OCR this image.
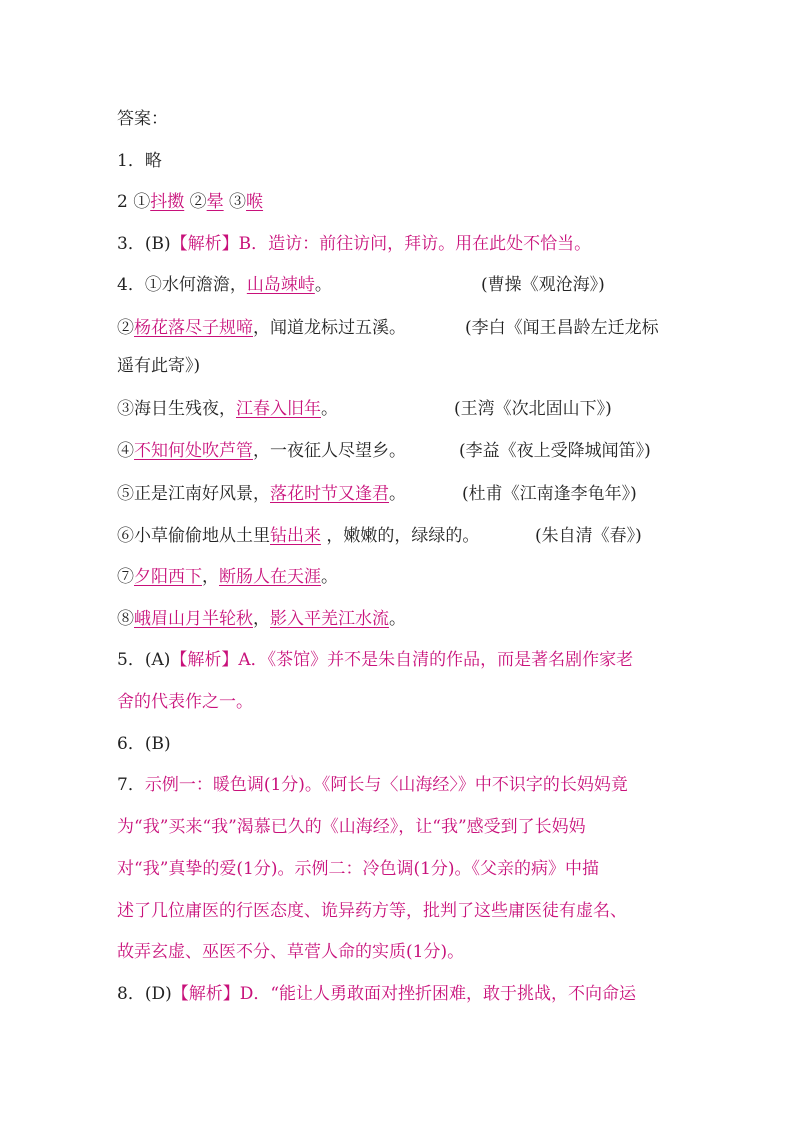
答案：
1．略
2 ①抖擞 ②晕 ③喉
3．(B)【解析】B．造访：前往访问，拜访。用在此处不恰当。
4．①水何澹澹，山岛竦峙。	(曹操《观沧海》)
②杨花落尽子规啼，闻道龙标过五溪。	(李白《闻王昌龄左迁龙标
遥有此寄》)
③海日生残夜，江春入旧年。	(王湾《次北固山下》)
④不知何处吹芦管，一夜征人尽望乡。	(李益《夜上受降城闻笛》)
⑤正是江南好风景，落花时节又逢君。	(杜甫《江南逢李龟年》)
⑥小草偷偷地从土里钻出来 ，嫩嫩的，绿绿的。	(朱自清《春》)
⑦夕阳西下，断肠人在天涯。
⑧峨眉山月半轮秋，影入平羌江水流。
5．(A)【解析】A．《茶馆》并不是朱自清的作品，而是著名剧作家老
舍的代表作之一。
6．(B)
7．示例一：暖色调(1分)。《阿长与〈山海经〉》中不识字的长妈妈竟
为“我”买来“我”渴慕已久的《山海经》，让“我”感受到了长妈妈
对“我”真挚的爱(1分)。示例二：冷色调(1分)。《父亲的病》中描
述了几位庸医的行医态度、诡异药方等，批判了这些庸医徒有虚名、
故弄玄虚、巫医不分、草菅人命的实质(1分)。
8．(D)【解析】D．“能让人勇敢面对挫折困难，敢于挑战，不向命运
